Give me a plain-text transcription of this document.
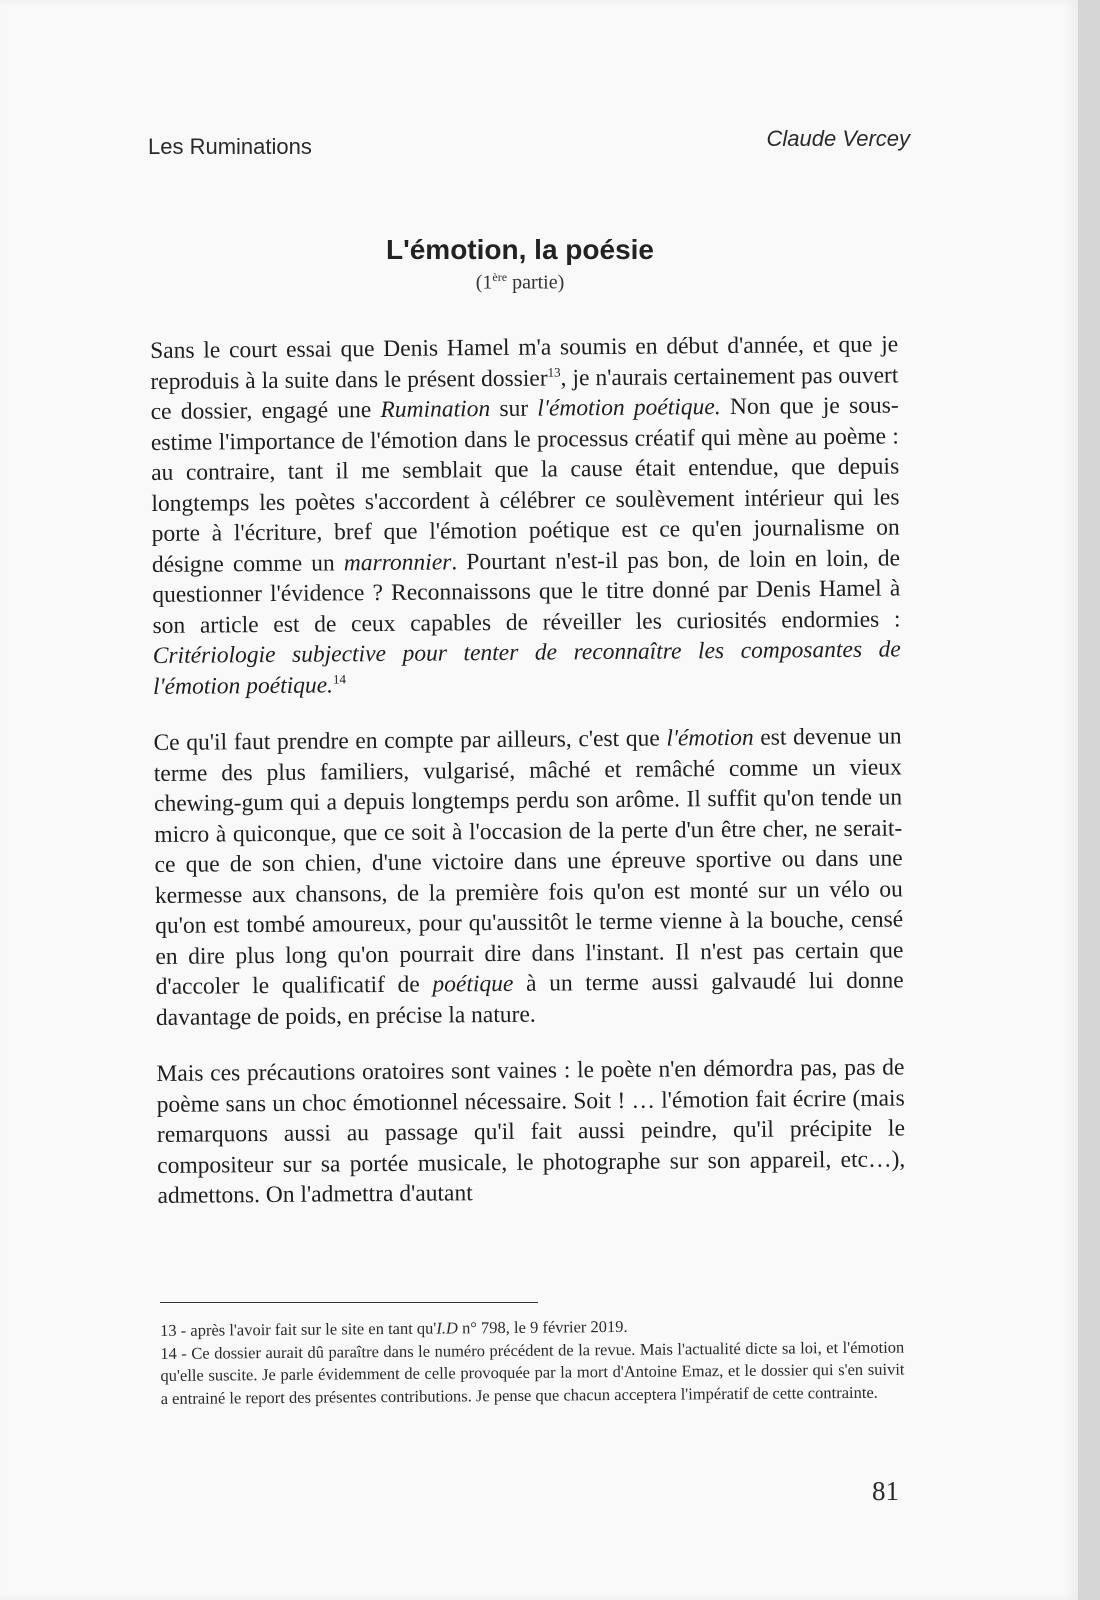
Les Ruminations	Claude Vercey
L'émotion, la poésie
(1ère partie)

Sans le court essai que Denis Hamel m'a soumis en début d'année, et que je reproduis à la suite dans le présent dossier$^{13}$, je n'aurais certainement pas ouvert ce dossier, engagé une Rumination sur l'émotion poétique. Non que je sous-estime l'importance de l'émotion dans le processus créatif qui mène au poème : au contraire, tant il me semblait que la cause était entendue, que depuis longtemps les poètes s'accordent à célébrer ce soulèvement intérieur qui les porte à l'écriture, bref que l'émotion poétique est ce qu'en journalisme on désigne comme un marronnier. Pourtant n'est-il pas bon, de loin en loin, de questionner l'évidence ? Reconnaissons que le titre donné par Denis Hamel à son article est de ceux capables de réveiller les curiosités endormies : Critériologie subjective pour tenter de reconnaître les composantes de l'émotion poétique.$^{14}$

Ce qu'il faut prendre en compte par ailleurs, c'est que l'émotion est devenue un terme des plus familiers, vulgarisé, mâché et remâché comme un vieux chewing-gum qui a depuis longtemps perdu son arôme. Il suffit qu'on tende un micro à quiconque, que ce soit à l'occasion de la perte d'un être cher, ne serait-ce que de son chien, d'une victoire dans une épreuve sportive ou dans une kermesse aux chansons, de la première fois qu'on est monté sur un vélo ou qu'on est tombé amoureux, pour qu'aussitôt le terme vienne à la bouche, censé en dire plus long qu'on pourrait dire dans l'instant. Il n'est pas certain que d'accoler le qualificatif de poétique à un terme aussi galvaudé lui donne davantage de poids, en précise la nature.

Mais ces précautions oratoires sont vaines : le poète n'en démordra pas, pas de poème sans un choc émotionnel nécessaire. Soit ! … l'émotion fait écrire (mais remarquons aussi au passage qu'il fait aussi peindre, qu'il précipite le compositeur sur sa portée musicale, le photographe sur son appareil, etc…), admettons. On l'admettra d'autant

13 - après l'avoir fait sur le site en tant qu'I.D n° 798, le 9 février 2019.

14 - Ce dossier aurait dû paraître dans le numéro précédent de la revue. Mais l'actualité dicte sa loi, et l'émotion qu'elle suscite. Je parle évidemment de celle provoquée par la mort d'Antoine Emaz, et le dossier qui s'en suivit a entrainé le report des présentes contributions. Je pense que chacun acceptera l'impératif de cette contrainte.

81
